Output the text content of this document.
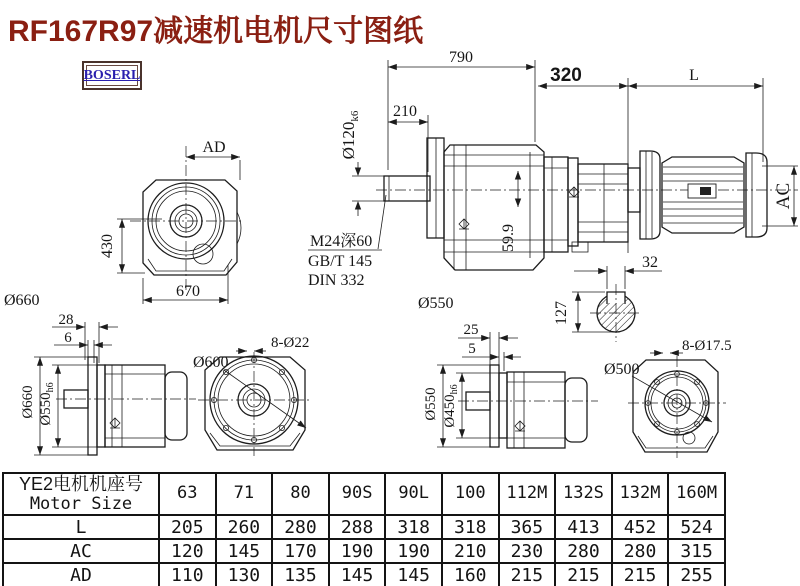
RF167R97减速机电机尺寸图纸
BOSERL
AD
430
670
59.9
790
210
320	L
$Ø120_{k6}$
M24深60
GB/T 145
DIN 332
AC
32
127
Ø660
28
6
Ø660 $Ø550_{h6}$
Ø600
8-Ø22
Ø550
25
5
Ø550 $Ø450_{h6}$
Ø500
8-Ø17.5
YE2电机机座号
Motor Size	63	71	80	90S	90L	100	112M	132S	132M	160M
L	205	260	280	288	318	318	365	413	452	524
AC	120	145	170	190	190	210	230	280	280	315
AD	110	130	135	145	145	160	215	215	215	255
